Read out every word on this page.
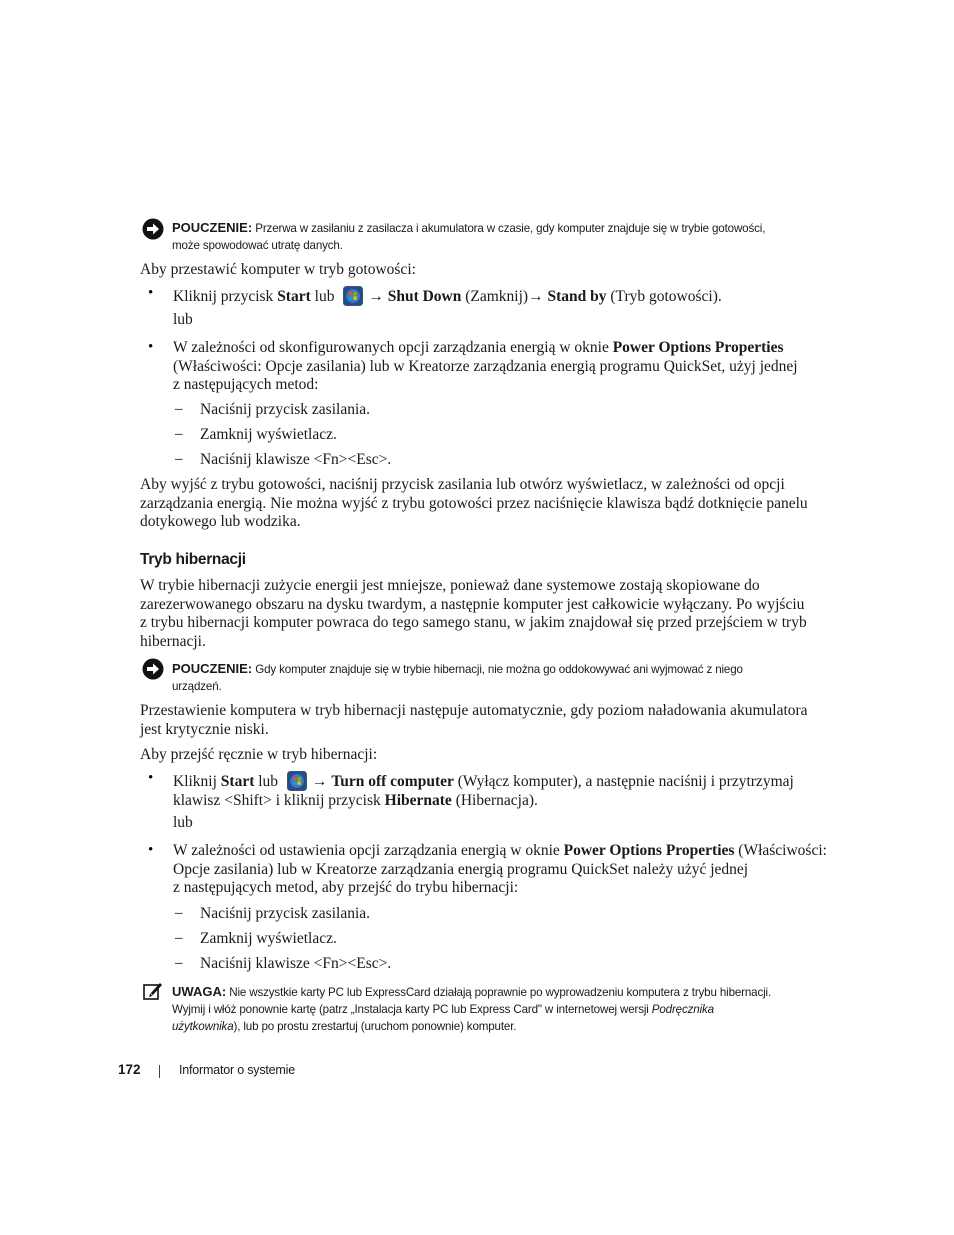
POUCZENIE: Przerwa w zasilaniu z zasilacza i akumulatora w czasie, gdy komputer znajduje się w trybie gotowości,
może spowodować utratę danych.
Aby przestawić komputer w tryb gotowości:
• Kliknij przycisk Start lub → Shut Down (Zamknij)→ Stand by (Tryb gotowości).
lub
• W zależności od skonfigurowanych opcji zarządzania energią w oknie Power Options Properties
(Właściwości: Opcje zasilania) lub w Kreatorze zarządzania energią programu QuickSet, użyj jednej
z następujących metod:
– Naciśnij przycisk zasilania.
– Zamknij wyświetlacz.
– Naciśnij klawisze <Fn><Esc>.
Aby wyjść z trybu gotowości, naciśnij przycisk zasilania lub otwórz wyświetlacz, w zależności od opcji
zarządzania energią. Nie można wyjść z trybu gotowości przez naciśnięcie klawisza bądź dotknięcie panelu
dotykowego lub wodzika.
Tryb hibernacji
W trybie hibernacji zużycie energii jest mniejsze, ponieważ dane systemowe zostają skopiowane do
zarezerwowanego obszaru na dysku twardym, a następnie komputer jest całkowicie wyłączany. Po wyjściu
z trybu hibernacji komputer powraca do tego samego stanu, w jakim znajdował się przed przejściem w tryb
hibernacji.
POUCZENIE: Gdy komputer znajduje się w trybie hibernacji, nie można go oddokowywać ani wyjmować z niego
urządzeń.
Przestawienie komputera w tryb hibernacji następuje automatycznie, gdy poziom naładowania akumulatora
jest krytycznie niski.
Aby przejść ręcznie w tryb hibernacji:
• Kliknij Start lub → Turn off computer (Wyłącz komputer), a następnie naciśnij i przytrzymaj
klawisz <Shift> i kliknij przycisk Hibernate (Hibernacja).
lub
• W zależności od ustawienia opcji zarządzania energią w oknie Power Options Properties (Właściwości:
Opcje zasilania) lub w Kreatorze zarządzania energią programu QuickSet należy użyć jednej
z następujących metod, aby przejść do trybu hibernacji:
– Naciśnij przycisk zasilania.
– Zamknij wyświetlacz.
– Naciśnij klawisze <Fn><Esc>.
UWAGA: Nie wszystkie karty PC lub ExpressCard działają poprawnie po wyprowadzeniu komputera z trybu hibernacji.
Wyjmij i włóż ponownie kartę (patrz „Instalacja karty PC lub Express Card" w internetowej wersji Podręcznika
użytkownika), lub po prostu zrestartuj (uruchom ponownie) komputer.
172	Informator o systemie
